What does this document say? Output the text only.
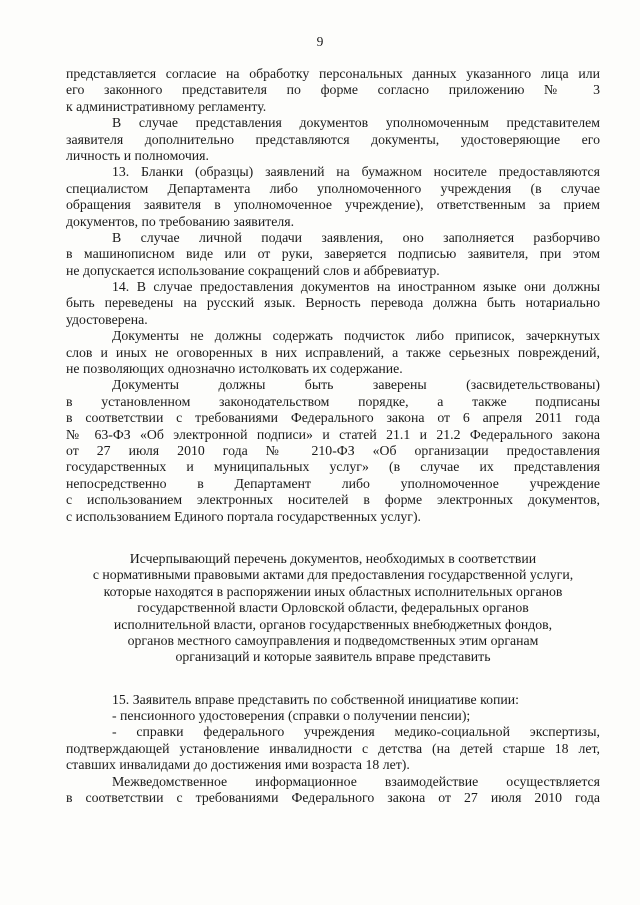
9
представляется согласие на обработку персональных данных указанного лица или
его законного представителя по форме согласно приложению № 3
к административному регламенту.
В случае представления документов уполномоченным представителем
заявителя дополнительно представляются документы, удостоверяющие его
личность и полномочия.
13. Бланки (образцы) заявлений на бумажном носителе предоставляются
специалистом Департамента либо уполномоченного учреждения (в случае
обращения заявителя в уполномоченное учреждение), ответственным за прием
документов, по требованию заявителя.
В случае личной подачи заявления, оно заполняется разборчиво
в машинописном виде или от руки, заверяется подписью заявителя, при этом
не допускается использование сокращений слов и аббревиатур.
14. В случае предоставления документов на иностранном языке они должны
быть переведены на русский язык. Верность перевода должна быть нотариально
удостоверена.
Документы не должны содержать подчисток либо приписок, зачеркнутых
слов и иных не оговоренных в них исправлений, а также серьезных повреждений,
не позволяющих однозначно истолковать их содержание.
Документы должны быть заверены (засвидетельствованы)
в установленном законодательством порядке, а также подписаны
в соответствии с требованиями Федерального закона от 6 апреля 2011 года
№ 63-ФЗ «Об электронной подписи» и статей 21.1 и 21.2 Федерального закона
от 27 июля 2010 года № 210-ФЗ «Об организации предоставления
государственных и муниципальных услуг» (в случае их представления
непосредственно в Департамент либо уполномоченное учреждение
с использованием электронных носителей в форме электронных документов,
с использованием Единого портала государственных услуг).
Исчерпывающий перечень документов, необходимых в соответствии
с нормативными правовыми актами для предоставления государственной услуги,
которые находятся в распоряжении иных областных исполнительных органов
государственной власти Орловской области, федеральных органов
исполнительной власти, органов государственных внебюджетных фондов,
органов местного самоуправления и подведомственных этим органам
организаций и которые заявитель вправе представить
15. Заявитель вправе представить по собственной инициативе копии:
- пенсионного удостоверения (справки о получении пенсии);
- справки федерального учреждения медико-социальной экспертизы,
подтверждающей установление инвалидности с детства (на детей старше 18 лет,
ставших инвалидами до достижения ими возраста 18 лет).
Межведомственное информационное взаимодействие осуществляется
в соответствии с требованиями Федерального закона от 27 июля 2010 года
